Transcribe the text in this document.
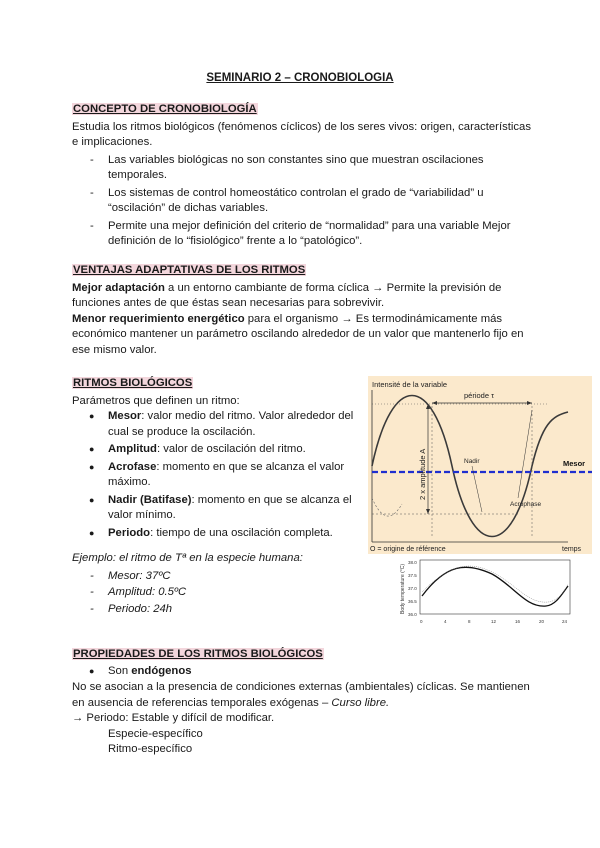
SEMINARIO 2 – CRONOBIOLOGIA
CONCEPTO DE CRONOBIOLOGÍA
Estudia los ritmos biológicos (fenómenos cíclicos) de los seres vivos: origen, características e implicaciones.
- Las variables biológicas no son constantes sino que muestran oscilaciones temporales.
- Los sistemas de control homeostático controlan el grado de “variabilidad” u “oscilación” de dichas variables.
- Permite una mejor definición del criterio de “normalidad” para una variable Mejor definición de lo “fisiológico” frente a lo “patológico”.
VENTAJAS ADAPTATIVAS DE LOS RITMOS
Mejor adaptación a un entorno cambiante de forma cíclica → Permite la previsión de funciones antes de que éstas sean necesarias para sobrevivir.
Menor requerimiento energético para el organismo → Es termodinámicamente más económico mantener un parámetro oscilando alrededor de un valor que mantenerlo fijo en ese mismo valor.
RITMOS BIOLÓGICOS
Parámetros que definen un ritmo:
● Mesor: valor medio del ritmo. Valor alrededor del cual se produce la oscilación.
● Amplitud: valor de oscilación del ritmo.
● Acrofase: momento en que se alcanza el valor máximo.
● Nadir (Batifase): momento en que se alcanza el valor mínimo.
● Periodo: tiempo de una oscilación completa.
Ejemplo: el ritmo de Tª en la especie humana:
- Mesor: 37ºC
- Amplitud: 0.5ºC
- Periodo: 24h
Intensité de la variable
Mesor
période τ
2 x amplitude A	Nadir
Acrophase
O = origine de référence	temps
Body temperature (°C)
38.0
37.5
37.0
36.5
36.0
0	4	8	12	16	20	24
PROPIEDADES DE LOS RITMOS BIOLÓGICOS
● Son endógenos
No se asocian a la presencia de condiciones externas (ambientales) cíclicas. Se mantienen en ausencia de referencias temporales exógenas – Curso libre.
→ Periodo: Estable y difícil de modificar.
Especie-específico
Ritmo-específico
